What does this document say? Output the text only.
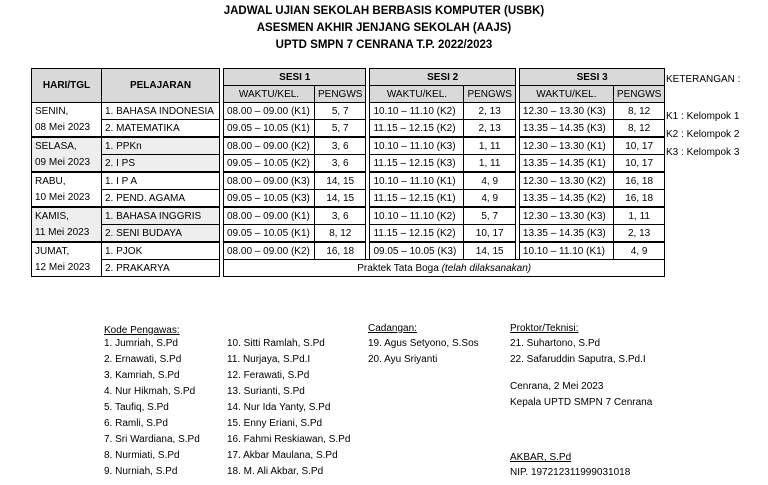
JADWAL UJIAN SEKOLAH BERBASIS KOMPUTER (USBK)
ASESMEN AKHIR JENJANG SEKOLAH (AAJS)
UPTD SMPN 7 CENRANA T.P. 2022/2023
HARI/TGL	PELAJARAN		SESI 1			SESI 2			SESI 3	
			WAKTU/KEL.	PENGWS		WAKTU/KEL.	PENGWS		WAKTU/KEL.	PENGWS
SENIN,	1. BAHASA INDONESIA		08.00 – 09.00 (K1)	5, 7		10.10 – 11.10 (K2)	2, 13		12.30 – 13.30 (K3)	8, 12
08 Mei 2023	2. MATEMATIKA		09.05 – 10.05 (K1)	5, 7		11.15 – 12.15 (K2)	2, 13		13.35 – 14.35 (K3)	8, 12
SELASA,	1. PPKn		08.00 – 09.00 (K2)	3, 6		10.10 – 11.10 (K3)	1, 11		12.30 – 13.30 (K1)	10, 17
09 Mei 2023	2. I PS		09.05 – 10.05 (K2)	3, 6		11.15 – 12.15 (K3)	1, 11		13.35 – 14.35 (K1)	10, 17
RABU,	1. I P A		08.00 – 09.00 (K3)	14, 15		10.10 – 11.10 (K1)	4, 9		12.30 – 13.30 (K2)	16, 18
10 Mei 2023	2. PEND. AGAMA		09.05 – 10.05 (K3)	14, 15		11.15 – 12.15 (K1)	4, 9		13.35 – 14.35 (K2)	16, 18
KAMIS,	1. BAHASA INGGRIS		08.00 – 09.00 (K1)	3, 6		10.10 – 11.10 (K2)	5, 7		12.30 – 13.30 (K3)	1, 11
11 Mei 2023	2. SENI BUDAYA		09.05 – 10.05 (K1)	8, 12		11.15 – 12.15 (K2)	10, 17		13.35 – 14.35 (K3)	2, 13
JUMAT,	1. PJOK		08.00 – 09.00 (K2)	16, 18		09.05 – 10.05 (K3)	14, 15		10.10 – 11.10 (K1)	4, 9
12 Mei 2023	2. PRAKARYA		Praktek Tata Boga (telah dilaksanakan)							
KETERANGAN :
K1 : Kelompok 1
K2 : Kelompok 2
K3 : Kelompok 3
Kode Pengawas:
1. Jumriah, S.Pd
2. Ernawati, S.Pd
3. Kamriah, S.Pd
4. Nur Hikmah, S.Pd
5. Taufiq, S.Pd
6. Ramli, S.Pd
7. Sri Wardiana, S.Pd
8. Nurmiati, S.Pd
9. Nurniah, S.Pd
10. Sitti Ramlah, S.Pd
11. Nurjaya, S.Pd.I
12. Ferawati, S.Pd
13. Surianti, S.Pd
14. Nur Ida Yanty, S.Pd
15. Enny Eriani, S.Pd
16. Fahmi Reskiawan, S.Pd
17. Akbar Maulana, S.Pd
18. M. Ali Akbar, S.Pd
Cadangan:
19. Agus Setyono, S.Sos
20. Ayu Sriyanti
Proktor/Teknisi:
21. Suhartono, S.Pd
22. Safaruddin Saputra, S.Pd.I
Cenrana, 2 Mei 2023
Kepala UPTD SMPN 7 Cenrana
AKBAR, S.Pd
NIP. 197212311999031018
